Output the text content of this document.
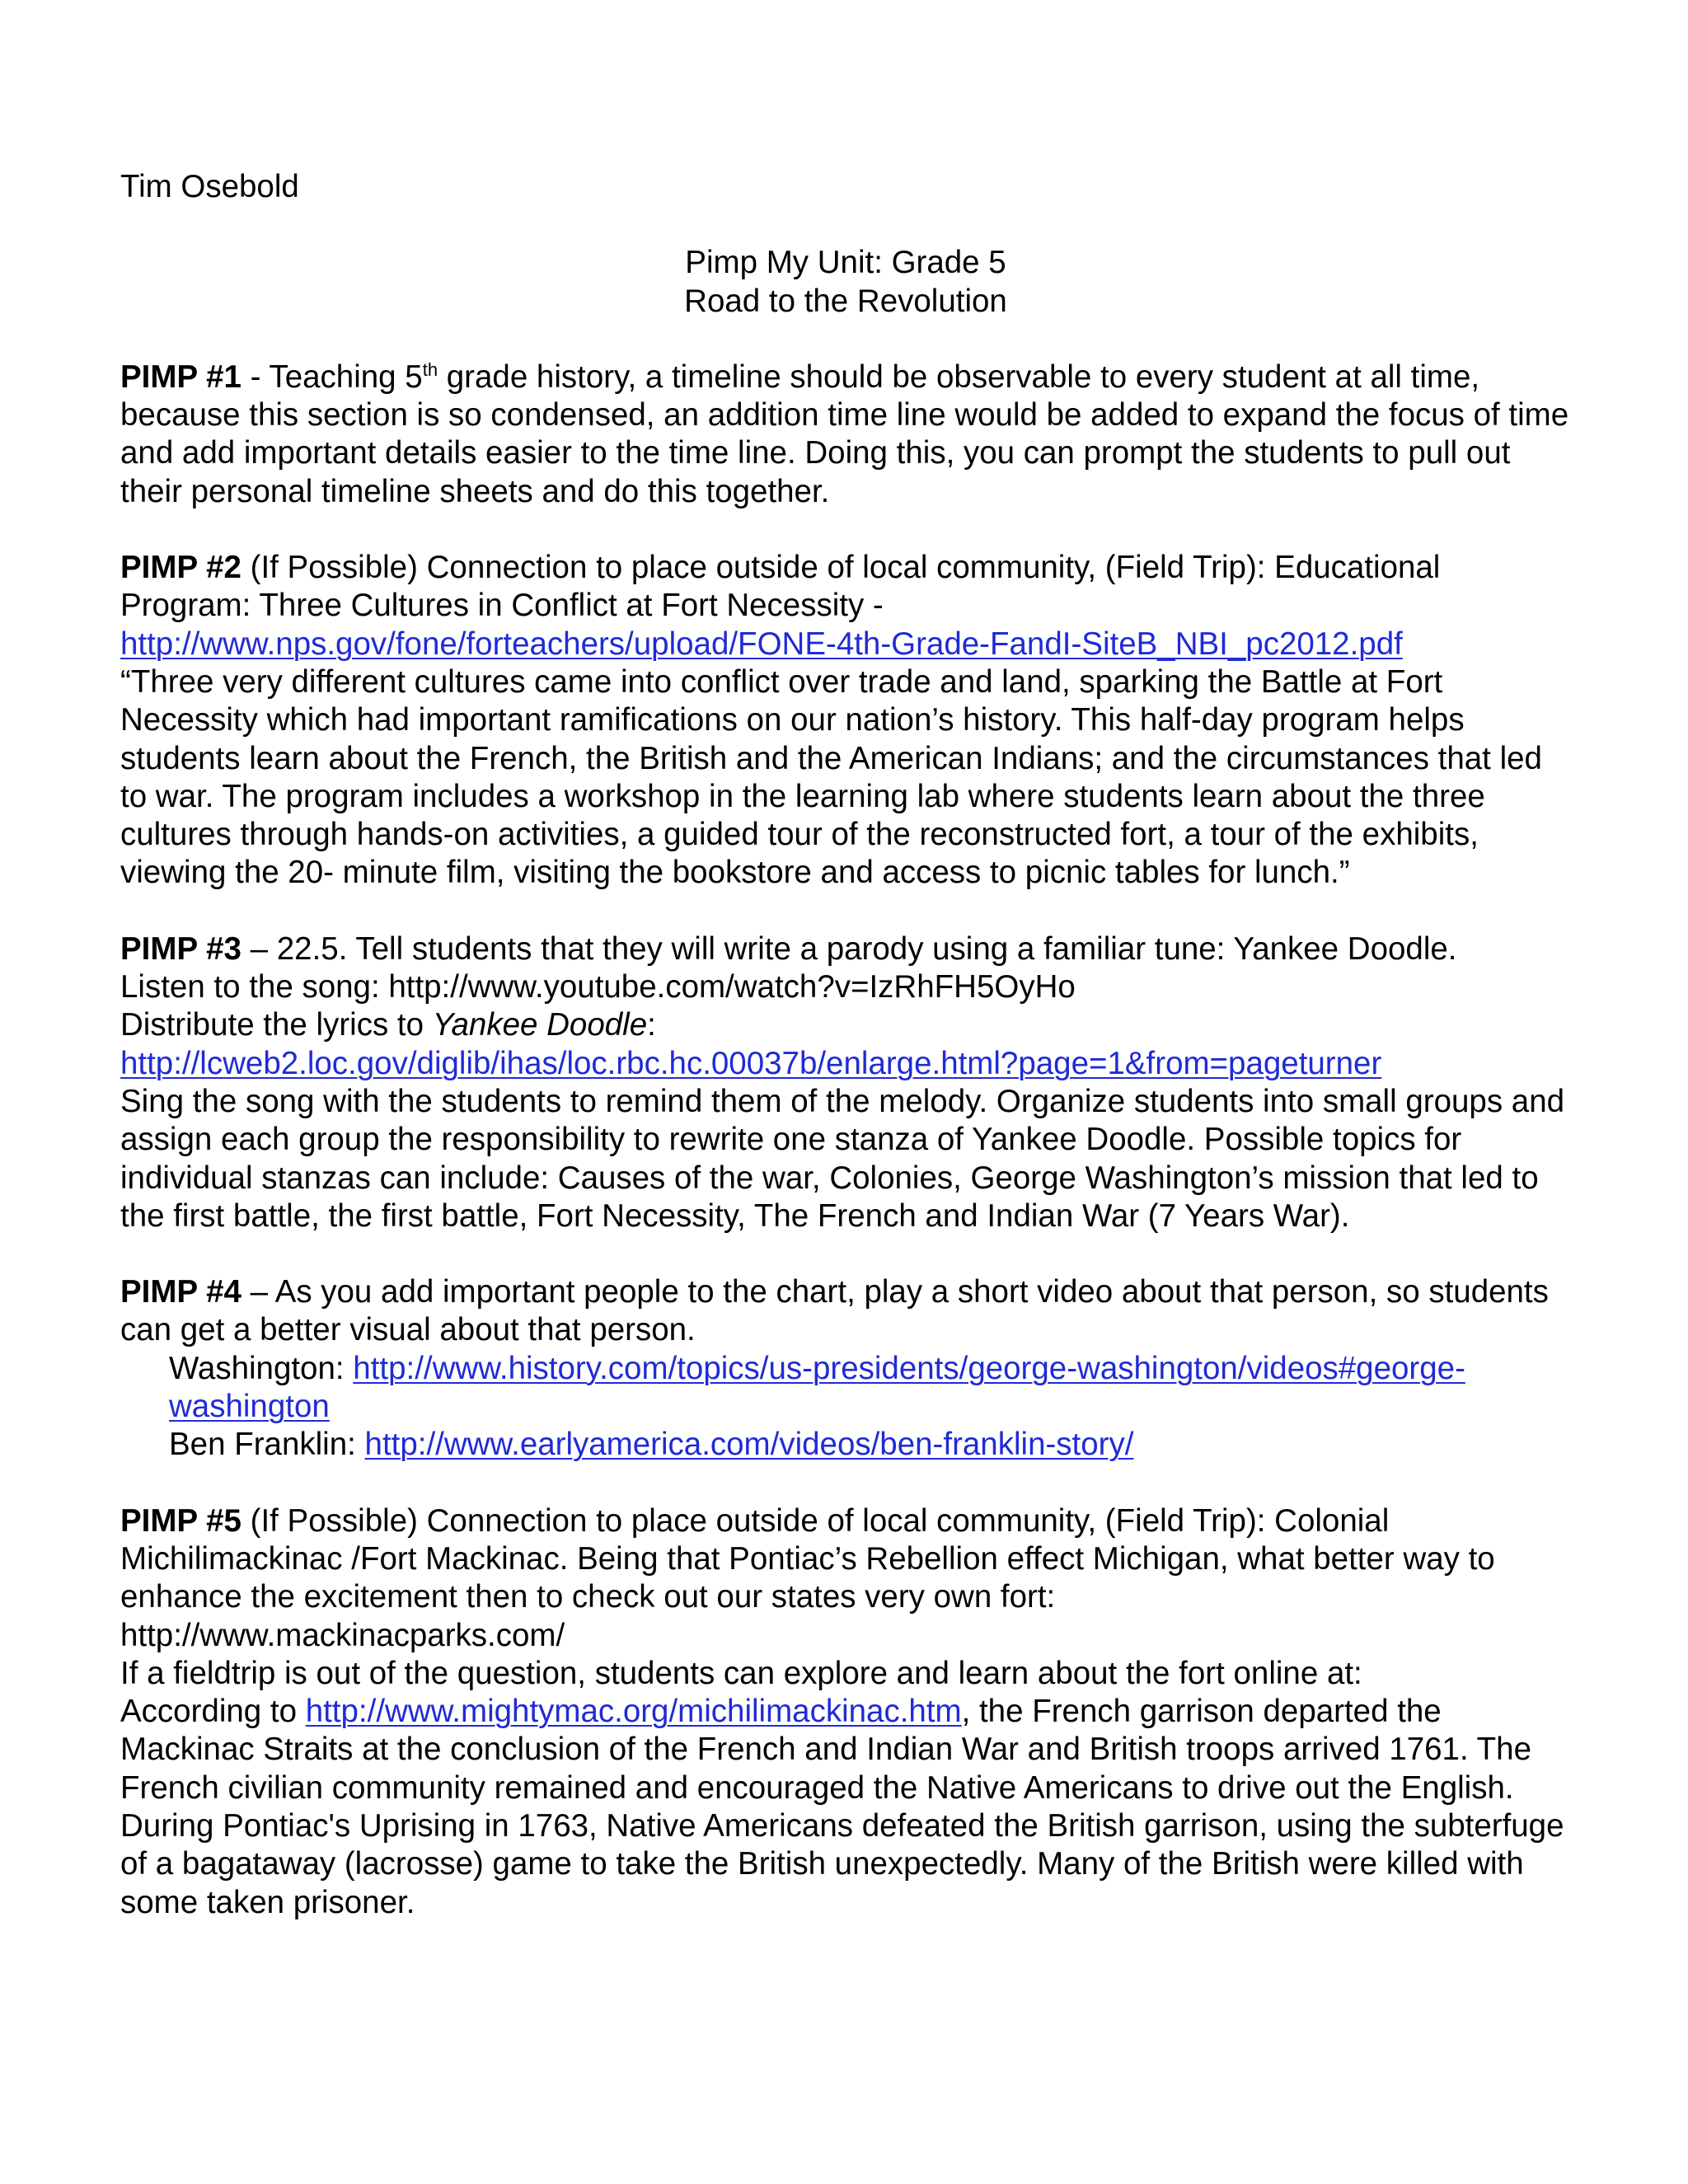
Tim Osebold

Pimp My Unit: Grade 5

Road to the Revolution

PIMP #1 - Teaching 5th grade history, a timeline should be observable to every student at all time, because this section is so condensed, an addition time line would be added to expand the focus of time and add important details easier to the time line. Doing this, you can prompt the students to pull out their personal timeline sheets and do this together.

PIMP #2 (If Possible) Connection to place outside of local community, (Field Trip): Educational Program: Three Cultures in Conflict at Fort Necessity -

http://www.nps.gov/fone/forteachers/upload/FONE-4th-Grade-FandI-SiteB_NBI_pc2012.pdf

“Three very different cultures came into conflict over trade and land, sparking the Battle at Fort Necessity which had important ramifications on our nation’s history. This half-day program helps students learn about the French, the British and the American Indians; and the circumstances that led to war. The program includes a workshop in the learning lab where students learn about the three cultures through hands-on activities, a guided tour of the reconstructed fort, a tour of the exhibits, viewing the 20- minute film, visiting the bookstore and access to picnic tables for lunch.”

PIMP #3 – 22.5. Tell students that they will write a parody using a familiar tune: Yankee Doodle.

Listen to the song: http://www.youtube.com/watch?v=IzRhFH5OyHo

Distribute the lyrics to Yankee Doodle:

http://lcweb2.loc.gov/diglib/ihas/loc.rbc.hc.00037b/enlarge.html?page=1&from=pageturner

Sing the song with the students to remind them of the melody. Organize students into small groups and assign each group the responsibility to rewrite one stanza of Yankee Doodle. Possible topics for individual stanzas can include: Causes of the war, Colonies, George Washington’s mission that led to the first battle, the first battle, Fort Necessity, The French and Indian War (7 Years War).

PIMP #4 – As you add important people to the chart, play a short video about that person, so students can get a better visual about that person.

Washington: http://www.history.com/topics/us-presidents/george-washington/videos#george-washington

Ben Franklin: http://www.earlyamerica.com/videos/ben-franklin-story/

PIMP #5 (If Possible) Connection to place outside of local community, (Field Trip): Colonial Michilimackinac /Fort Mackinac. Being that Pontiac’s Rebellion effect Michigan, what better way to enhance the excitement then to check out our states very own fort:

http://www.mackinacparks.com/

If a fieldtrip is out of the question, students can explore and learn about the fort online at:

According to http://www.mightymac.org/michilimackinac.htm, the French garrison departed the Mackinac Straits at the conclusion of the French and Indian War and British troops arrived 1761. The French civilian community remained and encouraged the Native Americans to drive out the English. During Pontiac's Uprising in 1763, Native Americans defeated the British garrison, using the subterfuge of a bagataway (lacrosse) game to take the British unexpectedly. Many of the British were killed with some taken prisoner.
